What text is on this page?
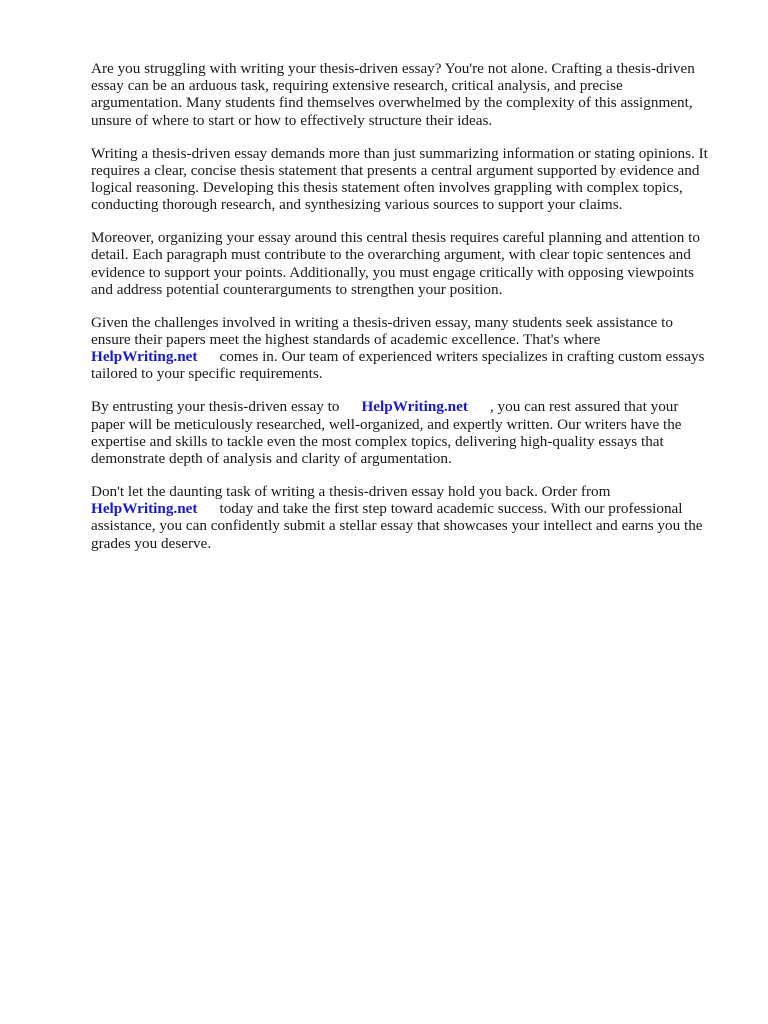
Are you struggling with writing your thesis-driven essay? You're not alone. Crafting a thesis-driven
essay can be an arduous task, requiring extensive research, critical analysis, and precise
argumentation. Many students find themselves overwhelmed by the complexity of this assignment,
unsure of where to start or how to effectively structure their ideas.

Writing a thesis-driven essay demands more than just summarizing information or stating opinions. It
requires a clear, concise thesis statement that presents a central argument supported by evidence and
logical reasoning. Developing this thesis statement often involves grappling with complex topics,
conducting thorough research, and synthesizing various sources to support your claims.

Moreover, organizing your essay around this central thesis requires careful planning and attention to
detail. Each paragraph must contribute to the overarching argument, with clear topic sentences and
evidence to support your points. Additionally, you must engage critically with opposing viewpoints
and address potential counterarguments to strengthen your position.

Given the challenges involved in writing a thesis-driven essay, many students seek assistance to
ensure their papers meet the highest standards of academic excellence. That's where
HelpWriting.net comes in. Our team of experienced writers specializes in crafting custom essays
tailored to your specific requirements.

By entrusting your thesis-driven essay to HelpWriting.net , you can rest assured that your
paper will be meticulously researched, well-organized, and expertly written. Our writers have the
expertise and skills to tackle even the most complex topics, delivering high-quality essays that
demonstrate depth of analysis and clarity of argumentation.

Don't let the daunting task of writing a thesis-driven essay hold you back. Order from
HelpWriting.net today and take the first step toward academic success. With our professional
assistance, you can confidently submit a stellar essay that showcases your intellect and earns you the
grades you deserve.
